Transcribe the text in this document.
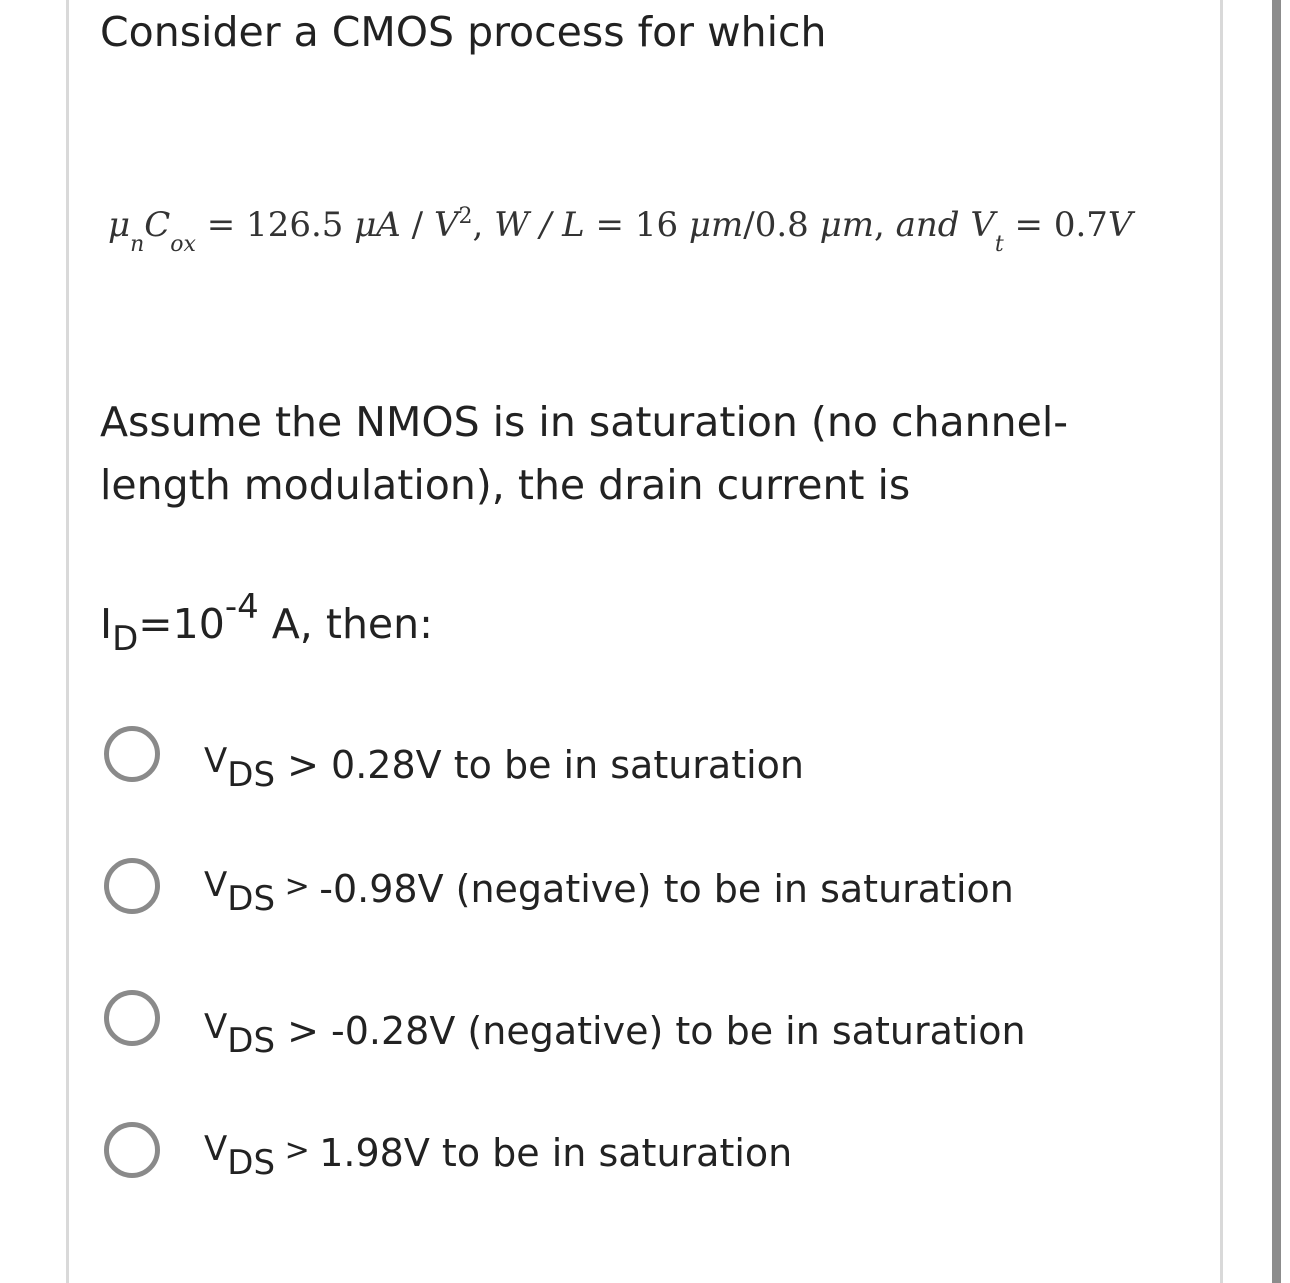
Consider a CMOS process for which
$\mu_nC_{ox} = 126.5$ μA / $V^2$, W / L = 16 μm/0.8 μm, and $V_t = 0.7V$
Assume the NMOS is in saturation (no channel-length modulation), the drain current is
$I_D=10^{-4}$ A, then:
VDS > 0.28V to be in saturation
VDS > -0.98V (negative) to be in saturation
VDS > -0.28V (negative) to be in saturation
VDS > 1.98V to be in saturation
